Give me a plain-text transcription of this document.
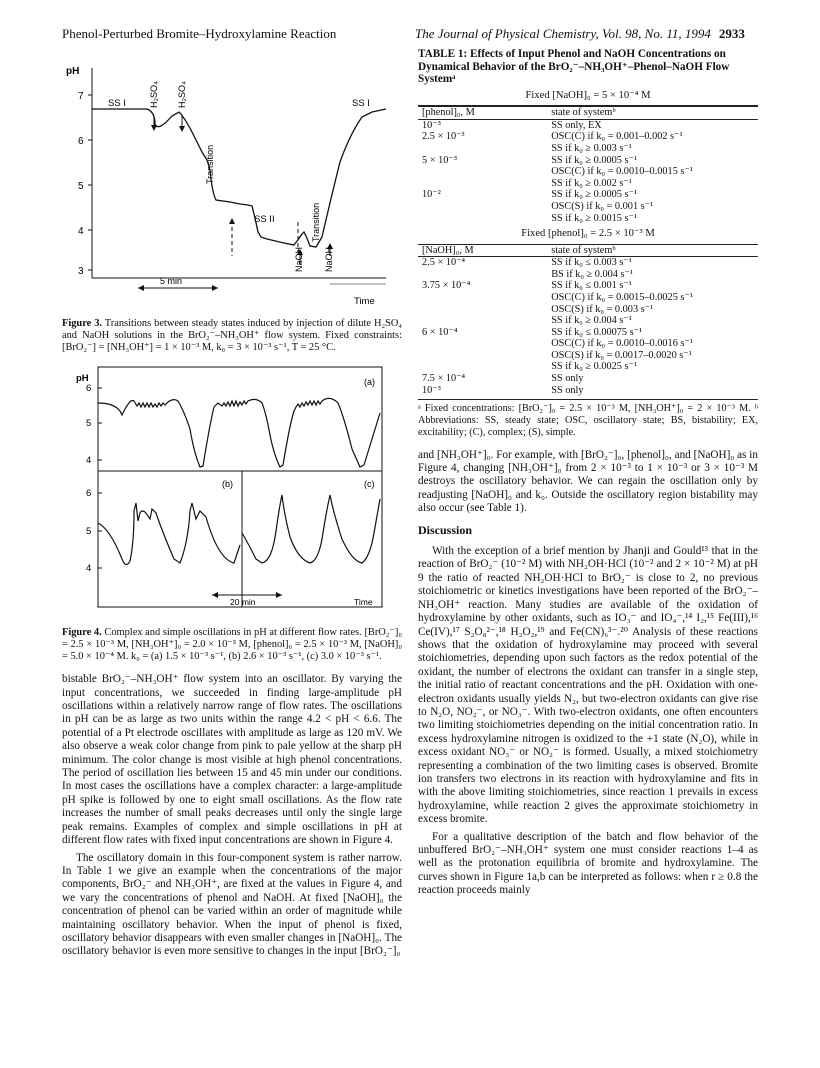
Phenol-Perturbed Bromite–Hydroxylamine Reaction	The Journal of Physical Chemistry, Vol. 98, No. 11, 1994 2933
pH
7
6
5
4
3
SS I	SS I
SS II
H₂SO₄ H₂SO₄
Transition
Transition
NaOH NaOH
5 min
Time
Figure 3. Transitions between steady states induced by injection of dilute H₂SO₄ and NaOH solutions in the BrO₂⁻–NH₃OH⁺ flow system. Fixed constraints: [BrO₂⁻] = [NH₃OH⁺] = 1 × 10⁻³ M, k₀ = 3 × 10⁻³ s⁻¹, T = 25 °C.
pH
6
5
4
6
5
4
(a)
(b)	(c)
20 min	Time
Figure 4. Complex and simple oscillations in pH at different flow rates. [BrO₂⁻]₀ = 2.5 × 10⁻³ M, [NH₃OH⁺]₀ = 2.0 × 10⁻³ M, [phenol]₀ = 2.5 × 10⁻³ M, [NaOH]₀ = 5.0 × 10⁻⁴ M. k₀ = (a) 1.5 × 10⁻³ s⁻¹, (b) 2.6 × 10⁻³ s⁻¹, (c) 3.0 × 10⁻³ s⁻¹.

bistable BrO₂⁻–NH₃OH⁺ flow system into an oscillator. By varying the input concentrations, we succeeded in finding large-amplitude pH oscillations within a relatively narrow range of flow rates. The oscillations in pH can be as large as two units within the range 4.2 < pH < 6.6. The potential of a Pt electrode oscillates with amplitude as large as 120 mV. We also observe a weak color change from pink to pale yellow at the sharp pH minimum. The color change is most visible at high phenol concentrations. The period of oscillation lies between 15 and 45 min under our conditions. In most cases the oscillations have a complex character: a large-amplitude pH spike is followed by one to eight small oscillations. As the flow rate increases the number of small peaks decreases until only the single large peak remains. Examples of complex and simple oscillations in pH at different flow rates with fixed input concentrations are shown in Figure 4.

The oscillatory domain in this four-component system is rather narrow. In Table 1 we give an example when the concentrations of the major components, BrO₂⁻ and NH₃OH⁺, are fixed at the values in Figure 4, and we vary the concentrations of phenol and NaOH. At fixed [NaOH]₀ the concentration of phenol can be varied within an order of magnitude while maintaining oscillatory behavior. When the input of phenol is fixed, oscillatory behavior disappears with even smaller changes in [NaOH]₀. The oscillatory behavior is even more sensitive to changes in the input [BrO₂⁻]₀

TABLE 1: Effects of Input Phenol and NaOH Concentrations on Dynamical Behavior of the BrO₂⁻–NH₃OH⁺–Phenol–NaOH Flow Systemᵃ
Fixed [NaOH]₀ = 5 × 10⁻⁴ M
[phenol]₀, M	state of systemᵇ
10⁻³	SS only, EX
2.5 × 10⁻³	OSC(C) if k₀ = 0.001–0.002 s⁻¹
	SS if k₀ ≥ 0.003 s⁻¹
5 × 10⁻³	SS if k₀ ≥ 0.0005 s⁻¹
	OSC(C) if k₀ = 0.0010–0.0015 s⁻¹
	SS if k₀ ≥ 0.002 s⁻¹
10⁻²	SS if k₀ ≥ 0.0005 s⁻¹
	OSC(S) if k₀ = 0.001 s⁻¹
	SS if k₀ ≥ 0.0015 s⁻¹
Fixed [phenol]₀ = 2.5 × 10⁻³ M
[NaOH]₀, M	state of systemᵇ
2.5 × 10⁻⁴	SS if k₀ ≤ 0.003 s⁻¹
	BS if k₀ ≥ 0.004 s⁻¹
3.75 × 10⁻⁴	SS if k₀ ≤ 0.001 s⁻¹
	OSC(C) if k₀ = 0.0015–0.0025 s⁻¹
	OSC(S) if k₀ = 0.003 s⁻¹
	SS if k₀ ≥ 0.004 s⁻¹
6 × 10⁻⁴	SS if k₀ ≤ 0.00075 s⁻¹
	OSC(C) if k₀ = 0.0010–0.0016 s⁻¹
	OSC(S) if k₀ = 0.0017–0.0020 s⁻¹
	SS if k₀ ≥ 0.0025 s⁻¹
7.5 × 10⁻⁴	SS only
10⁻³	SS only
ᵃ Fixed concentrations: [BrO₂⁻]₀ = 2.5 × 10⁻³ M, [NH₃OH⁺]₀ = 2 × 10⁻³ M. ᵇ Abbreviations: SS, steady state; OSC, oscillatory state; BS, bistability; EX, excitability; (C), complex; (S), simple.

and [NH₃OH⁺]₀. For example, with [BrO₂⁻]₀, [phenol]₀, and [NaOH]₀ as in Figure 4, changing [NH₃OH⁺]₀ from 2 × 10⁻³ to 1 × 10⁻³ or 3 × 10⁻³ M destroys the oscillatory behavior. We can regain the oscillation only by readjusting [NaOH]₀ and k₀. Outside the oscillatory region bistability may also occur (see Table 1).

Discussion

With the exception of a brief mention by Jhanji and Gould¹³ that in the reaction of BrO₂⁻ (10⁻² M) with NH₂OH·HCl (10⁻² and 2 × 10⁻² M) at pH 9 the ratio of reacted NH₂OH·HCl to BrO₂⁻ is close to 2, no previous stoichiometric or kinetics investigations have been reported of the BrO₂⁻–NH₃OH⁺ reaction. Many studies are available of the oxidation of hydroxylamine by other oxidants, such as IO₃⁻ and IO₄⁻,¹⁴ I₂,¹⁵ Fe(III),¹⁶ Ce(IV),¹⁷ S₂O₈²⁻,¹⁸ H₂O₂,¹⁹ and Fe(CN)₆³⁻.²⁰ Analysis of these reactions shows that the oxidation of hydroxylamine may proceed with several stoichiometries, depending upon such factors as the redox potential of the oxidant, the number of electrons the oxidant can transfer in a single step, the initial ratio of reactant concentrations and the pH. Oxidation with one-electron oxidants usually yields N₂, but two-electron oxidants can give rise to N₂O, NO₂⁻, or NO₃⁻. With two-electron oxidants, one often encounters two limiting stoichiometries depending on the initial concentration ratio. In excess hydroxylamine nitrogen is oxidized to the +1 state (N₂O), while in excess oxidant NO₃⁻ or NO₂⁻ is formed. Usually, a mixed stoichiometry representing a combination of the two limiting cases is observed. Bromite ion transfers two electrons in its reaction with hydroxylamine and fits in with the above limiting stoichiometries, since reaction 1 prevails in excess hydroxylamine, while reaction 2 gives the approximate stoichiometry in excess bromite.

For a qualitative description of the batch and flow behavior of the unbuffered BrO₂⁻–NH₃OH⁺ system one must consider reactions 1–4 as well as the protonation equilibria of bromite and hydroxylamine. The curves shown in Figure 1a,b can be interpreted as follows: when r ≥ 0.8 the reaction proceeds mainly
